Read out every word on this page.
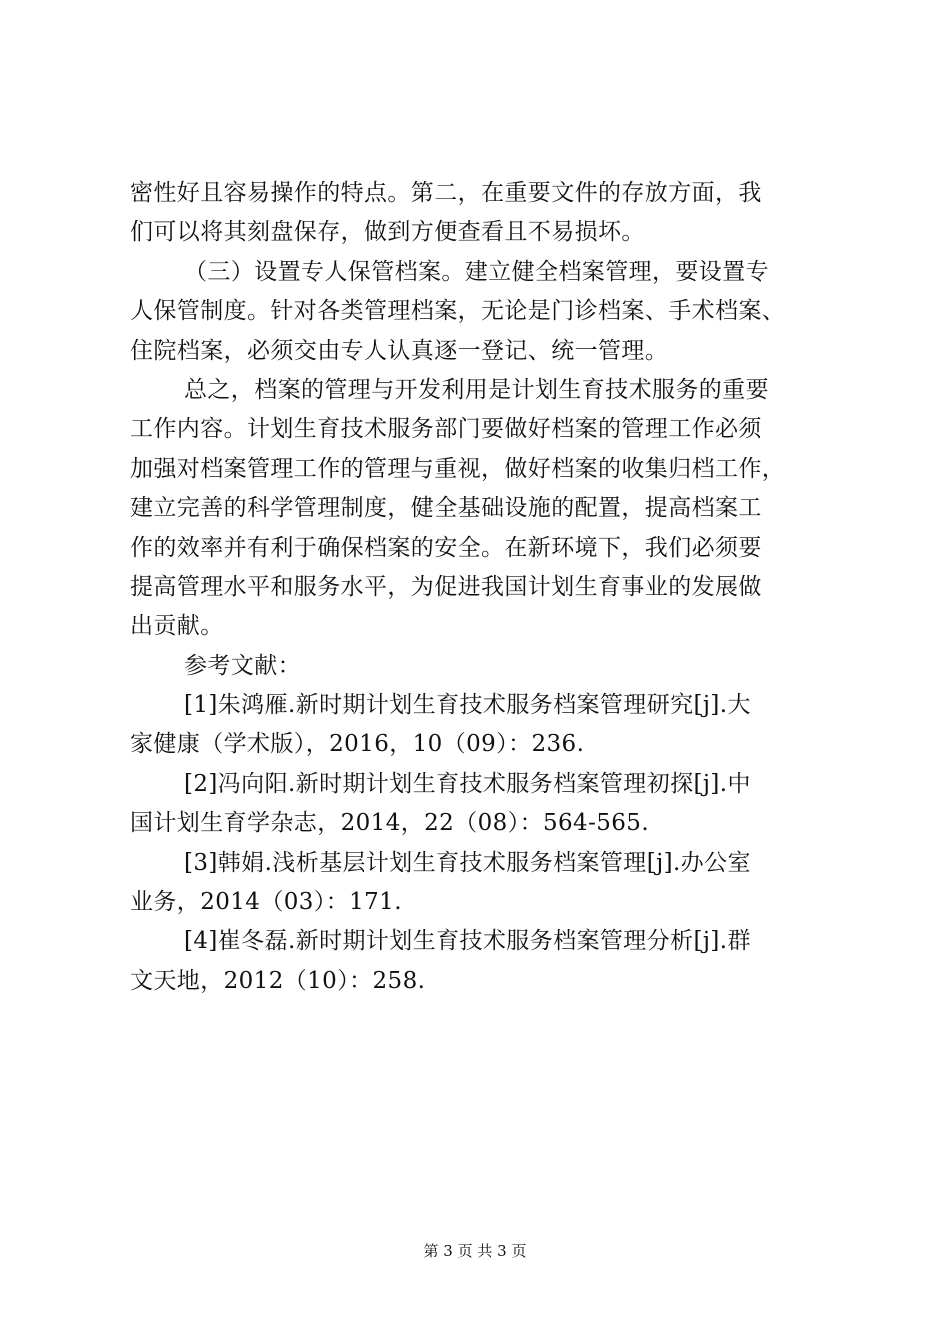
密性好且容易操作的特点。第二，在重要文件的存放方面，我
们可以将其刻盘保存，做到方便查看且不易损坏。
（三）设置专人保管档案。建立健全档案管理，要设置专
人保管制度。针对各类管理档案，无论是门诊档案、手术档案、
住院档案，必须交由专人认真逐一登记、统一管理。
总之，档案的管理与开发利用是计划生育技术服务的重要
工作内容。计划生育技术服务部门要做好档案的管理工作必须
加强对档案管理工作的管理与重视，做好档案的收集归档工作，
建立完善的科学管理制度，健全基础设施的配置，提高档案工
作的效率并有利于确保档案的安全。在新环境下，我们必须要
提高管理水平和服务水平，为促进我国计划生育事业的发展做
出贡献。
参考文献：
[1]朱鸿雁.新时期计划生育技术服务档案管理研究[j].大
家健康（学术版），2016，10（09）：236.
[2]冯向阳.新时期计划生育技术服务档案管理初探[j].中
国计划生育学杂志，2014，22（08）：564-565.
[3]韩娟.浅析基层计划生育技术服务档案管理[j].办公室
业务，2014（03）：171.
[4]崔冬磊.新时期计划生育技术服务档案管理分析[j].群
文天地，2012（10）：258.
第 3 页 共 3 页
